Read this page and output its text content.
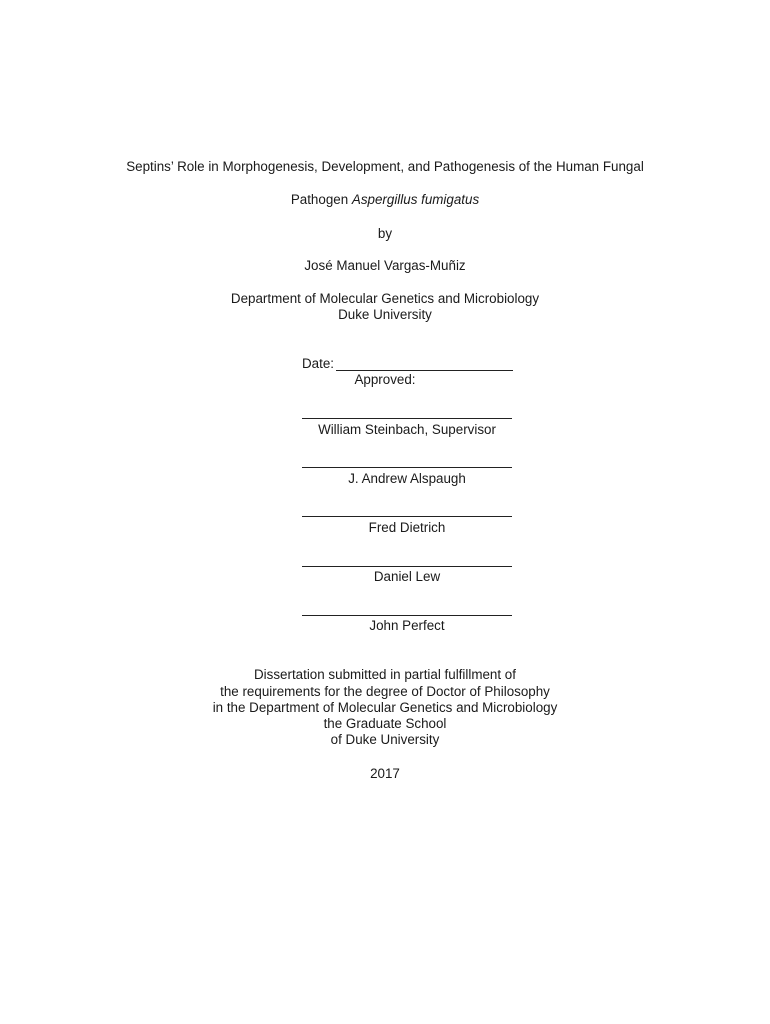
Septins’ Role in Morphogenesis, Development, and Pathogenesis of the Human Fungal
Pathogen Aspergillus fumigatus
by
José Manuel Vargas-Muñiz
Department of Molecular Genetics and Microbiology
Duke University
Date:
Approved:
William Steinbach, Supervisor
J. Andrew Alspaugh
Fred Dietrich
Daniel Lew
John Perfect
Dissertation submitted in partial fulfillment of
the requirements for the degree of Doctor of Philosophy
in the Department of Molecular Genetics and Microbiology
the Graduate School
of Duke University
2017
